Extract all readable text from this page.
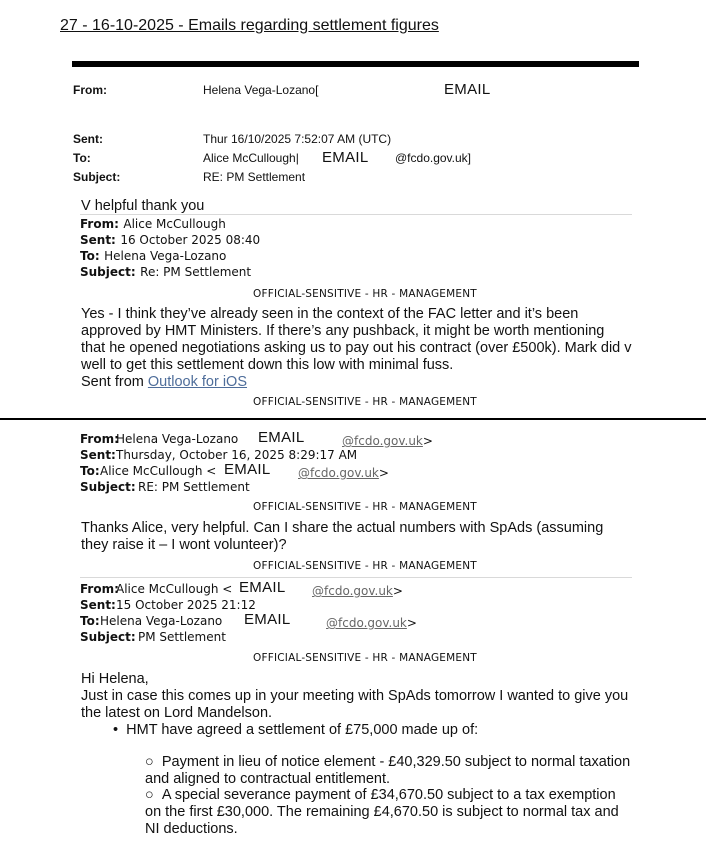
27 - 16-10-2025 - Emails regarding settlement figures
From:	Helena Vega-Lozano[	EMAIL
Sent:	Thur 16/10/2025 7:52:07 AM (UTC)
To:	Alice McCullough| EMAIL @fcdo.gov.uk]
Subject:	RE: PM Settlement
V helpful thank you
From: Alice McCullough
Sent: 16 October 2025 08:40
To: Helena Vega-Lozano
Subject: Re: PM Settlement
OFFICIAL-SENSITIVE - HR - MANAGEMENT
Yes - I think they’ve already seen in the context of the FAC letter and it’s been
approved by HMT Ministers. If there’s any pushback, it might be worth mentioning
that he opened negotiations asking us to pay out his contract (over £500k). Mark did v
well to get this settlement down this low with minimal fuss.
Sent from Outlook for iOS
OFFICIAL-SENSITIVE - HR - MANAGEMENT
From:
Helena Vega-Lozano EMAIL	@fcdo.gov.uk>
Sent: Thursday, October 16, 2025 8:29:17 AM
To: Alice McCullough < EMAIL @fcdo.gov.uk>
Subject: RE: PM Settlement
OFFICIAL-SENSITIVE - HR - MANAGEMENT
Thanks Alice, very helpful. Can I share the actual numbers with SpAds (assuming
they raise it – I wont volunteer)?
OFFICIAL-SENSITIVE - HR - MANAGEMENT
From:
Alice McCullough < EMAIL @fcdo.gov.uk>
Sent: 15 October 2025 21:12
To: Helena Vega-Lozano EMAIL	@fcdo.gov.uk>
Subject: PM Settlement
OFFICIAL-SENSITIVE - HR - MANAGEMENT
Hi Helena,
Just in case this comes up in your meeting with SpAds tomorrow I wanted to give you
the latest on Lord Mandelson.
• HMT have agreed a settlement of £75,000 made up of:
○ Payment in lieu of notice element - £40,329.50 subject to normal taxation
and aligned to contractual entitlement.
○ A special severance payment of £34,670.50 subject to a tax exemption
on the first £30,000. The remaining £4,670.50 is subject to normal tax and
NI deductions.
